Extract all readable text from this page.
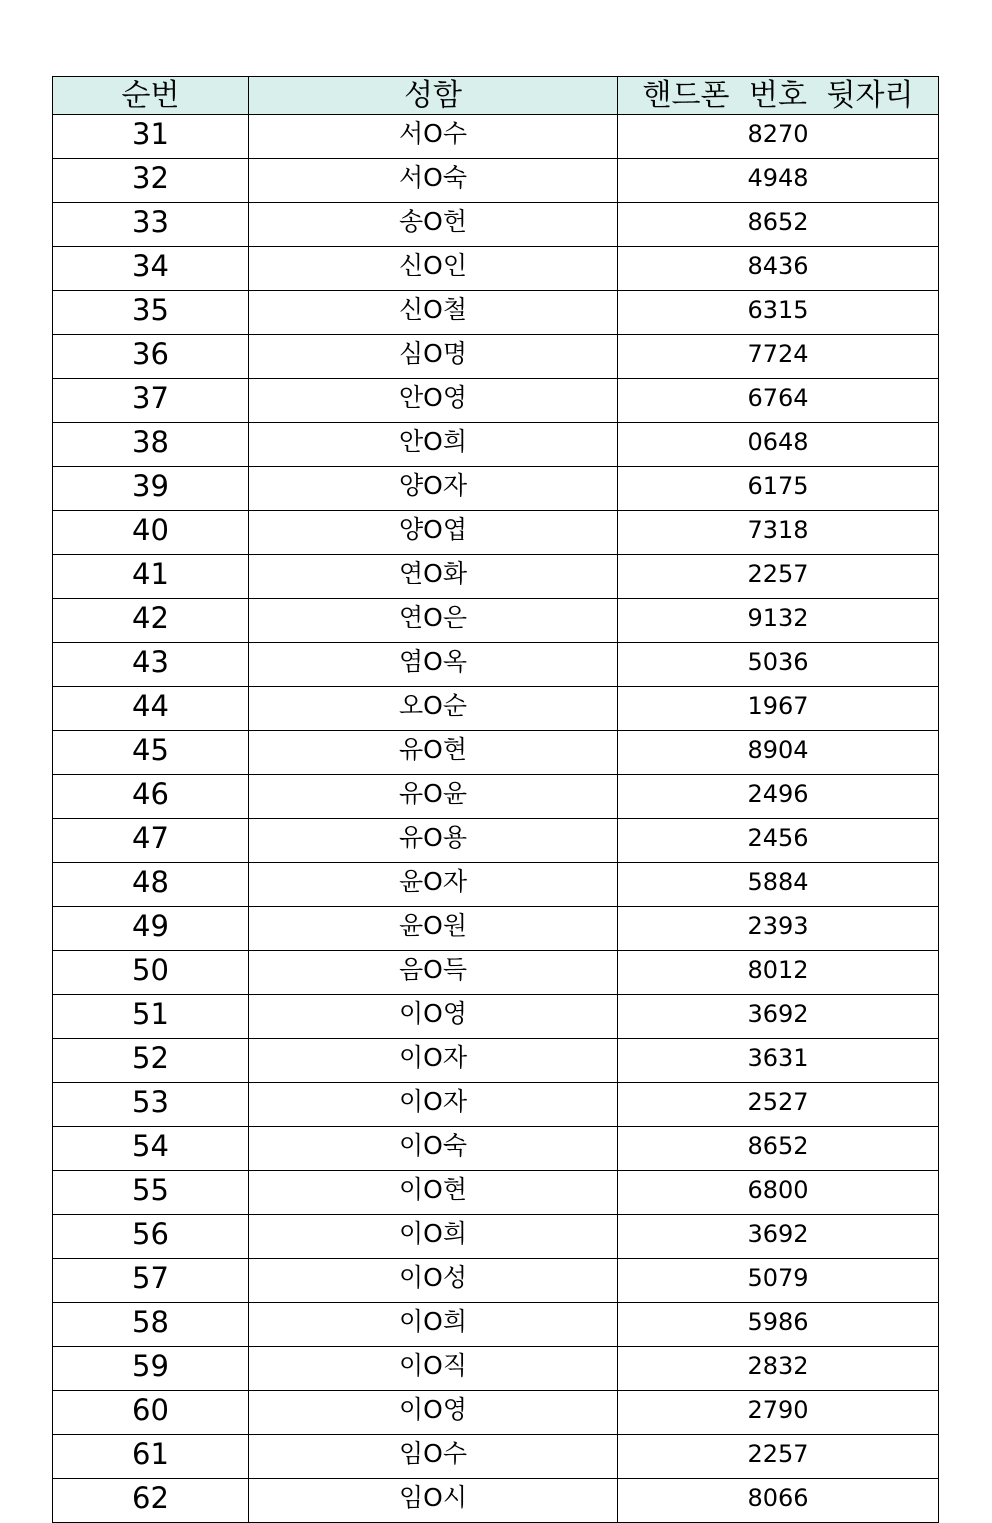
순번	성함	핸드폰 번호 뒷자리
31	서O수	8270
32	서O숙	4948
33	송O헌	8652
34	신O인	8436
35	신O철	6315
36	심O명	7724
37	안O영	6764
38	안O희	0648
39	양O자	6175
40	양O엽	7318
41	연O화	2257
42	연O은	9132
43	염O옥	5036
44	오O순	1967
45	유O현	8904
46	유O윤	2496
47	유O용	2456
48	윤O자	5884
49	윤O원	2393
50	음O득	8012
51	이O영	3692
52	이O자	3631
53	이O자	2527
54	이O숙	8652
55	이O현	6800
56	이O희	3692
57	이O성	5079
58	이O희	5986
59	이O직	2832
60	이O영	2790
61	임O수	2257
62	임O시	8066
